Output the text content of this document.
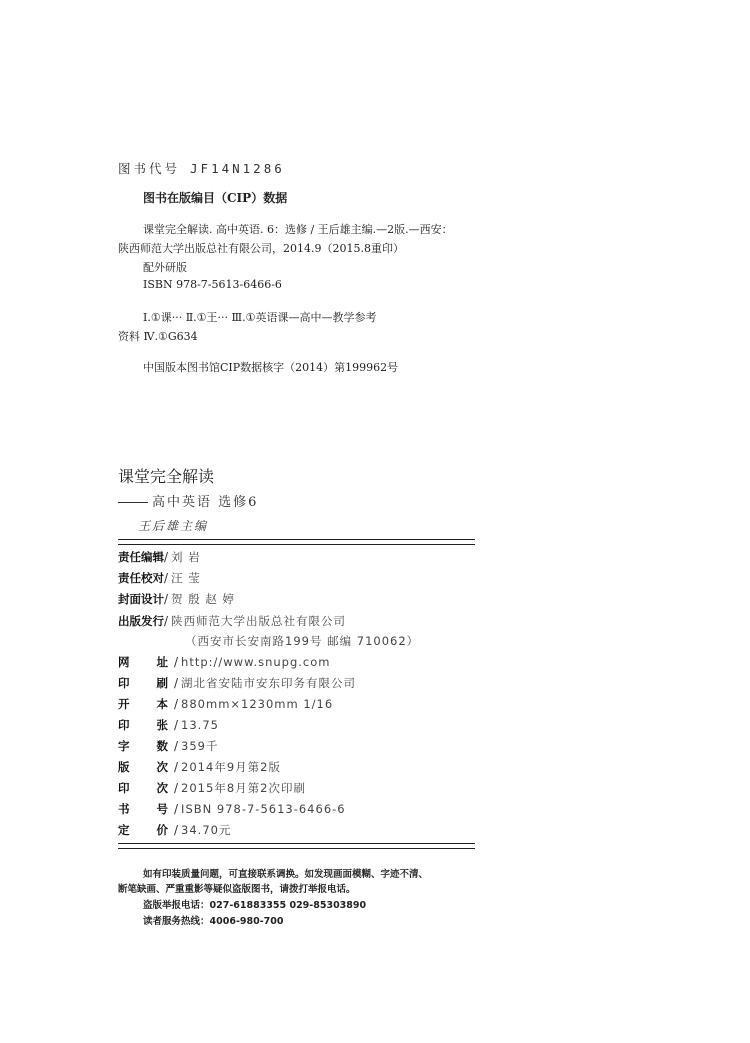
图书代号 JF14N1286
图书在版编目（CIP）数据
课堂完全解读. 高中英语. 6：选修 / 王后雄主编.—2版.—西安：
陕西师范大学出版总社有限公司，2014.9（2015.8重印）
配外研版
ISBN 978-7-5613-6466-6
Ⅰ.①课··· Ⅱ.①王··· Ⅲ.①英语课—高中—教学参考
资料 Ⅳ.①G634
中国版本图书馆CIP数据核字（2014）第199962号
课堂完全解读
高中英语 选修6
王后雄主编
责任编辑/ 刘 岩
责任校对/ 汪 莹
封面设计/ 贺 殷 赵 婷
出版发行/ 陕西师范大学出版总社有限公司
网 址 / http://www.snupg.com
印 刷 / 湖北省安陆市安东印务有限公司
开 本 / 880mm×1230mm 1/16
印 张 / 13.75
字 数 / 359千
版 次 / 2014年9月第2版
印 次 / 2015年8月第2次印刷
书 号 / ISBN 978-7-5613-6466-6
定 价 / 34.70元
（西安市长安南路199号 邮编 710062）
如有印装质量问题，可直接联系调换。如发现画面模糊、字迹不清、
断笔缺画、严重重影等疑似盗版图书，请拨打举报电话。
盗版举报电话：027-61883355 029-85303890
读者服务热线：4006-980-700
